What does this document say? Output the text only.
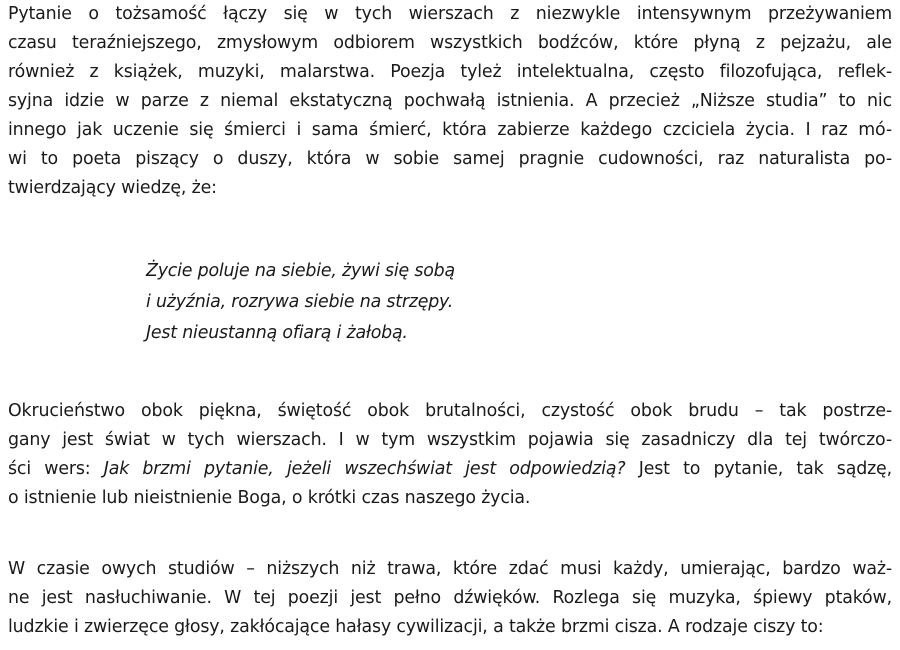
Pytanie o tożsamość łączy się w tych wierszach z niezwykle intensywnym przeżywaniem
czasu teraźniejszego, zmysłowym odbiorem wszystkich bodźców, które płyną z pejzażu, ale
również z książek, muzyki, malarstwa. Poezja tyleż intelektualna, często filozofująca, reflek-
syjna idzie w parze z niemal ekstatyczną pochwałą istnienia. A przecież „Niższe studia” to nic
innego jak uczenie się śmierci i sama śmierć, która zabierze każdego czciciela życia. I raz mó-
wi to poeta piszący o duszy, która w sobie samej pragnie cudowności, raz naturalista po-
twierdzający wiedzę, że:
Życie poluje na siebie, żywi się sobą
i użyźnia, rozrywa siebie na strzępy.
Jest nieustanną ofiarą i żałobą.
Okrucieństwo obok piękna, świętość obok brutalności, czystość obok brudu – tak postrze-
gany jest świat w tych wierszach. I w tym wszystkim pojawia się zasadniczy dla tej twórczo-
ści wers: Jak brzmi pytanie, jeżeli wszechświat jest odpowiedzią? Jest to pytanie, tak sądzę,
o istnienie lub nieistnienie Boga, o krótki czas naszego życia.
W czasie owych studiów – niższych niż trawa, które zdać musi każdy, umierając, bardzo waż-
ne jest nasłuchiwanie. W tej poezji jest pełno dźwięków. Rozlega się muzyka, śpiewy ptaków,
ludzkie i zwierzęce głosy, zakłócające hałasy cywilizacji, a także brzmi cisza. A rodzaje ciszy to:
